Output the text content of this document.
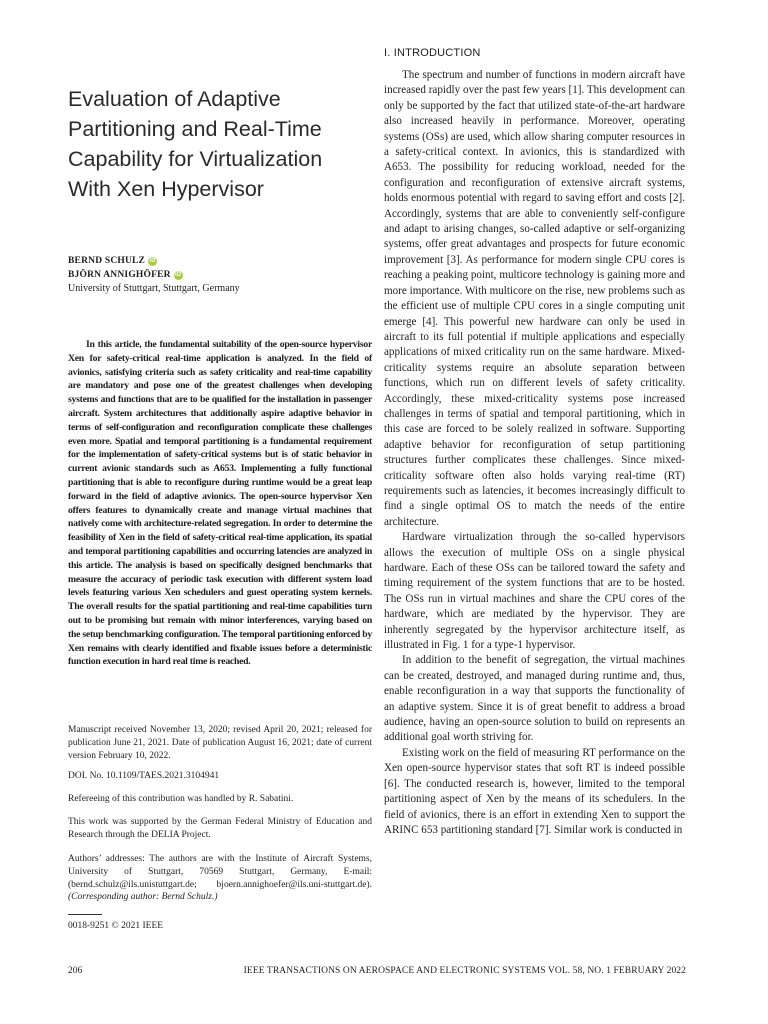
Evaluation of Adaptive
Partitioning and Real-Time
Capability for Virtualization
With Xen Hypervisor
BERND SCHULZ iD
BJÖRN ANNIGHÖFER iD
University of Stuttgart, Stuttgart, Germany

In this article, the fundamental suitability of the open-source hypervisor Xen for safety-critical real-time application is analyzed. In the field of avionics, satisfying criteria such as safety criticality and real-time capability are mandatory and pose one of the greatest challenges when developing systems and functions that are to be qualified for the installation in passenger aircraft. System architectures that additionally aspire adaptive behavior in terms of self-configuration and reconfiguration complicate these challenges even more. Spatial and temporal partitioning is a fundamental requirement for the implementation of safety-critical systems but is of static behavior in current avionic standards such as A653. Implementing a fully functional partitioning that is able to reconfigure during runtime would be a great leap forward in the field of adaptive avionics. The open-source hypervisor Xen offers features to dynamically create and manage virtual machines that natively come with architecture-related segregation. In order to determine the feasibility of Xen in the field of safety-critical real-time application, its spatial and temporal partitioning capabilities and occurring latencies are analyzed in this article. The analysis is based on specifically designed benchmarks that measure the accuracy of periodic task execution with different system load levels featuring various Xen schedulers and guest operating system kernels. The overall results for the spatial partitioning and real-time capabilities turn out to be promising but remain with minor interferences, varying based on the setup benchmarking configuration. The temporal partitioning enforced by Xen remains with clearly identified and fixable issues before a deterministic function execution in hard real time is reached.

Manuscript received November 13, 2020; revised April 20, 2021; released for publication June 21, 2021. Date of publication August 16, 2021; date of current version February 10, 2022.

DOI. No. 10.1109/TAES.2021.3104941

Refereeing of this contribution was handled by R. Sabatini.

This work was supported by the German Federal Ministry of Education and Research through the DELIA Project.

Authors’ addresses: The authors are with the Institute of Aircraft Systems, University of Stuttgart, 70569 Stuttgart, Germany, E-mail: (bernd.schulz@ils.unistuttgart.de; bjoern.annighoefer@ils.uni-stuttgart.de).(Corresponding author: Bernd Schulz.)

0018-9251 © 2021 IEEE
I. INTRODUCTION

The spectrum and number of functions in modern aircraft have increased rapidly over the past few years [1]. This development can only be supported by the fact that utilized state-of-the-art hardware also increased heavily in performance. Moreover, operating systems (OSs) are used, which allow sharing computer resources in a safety-critical context. In avionics, this is standardized with A653. The possibility for reducing workload, needed for the configuration and reconfiguration of extensive aircraft systems, holds enormous potential with regard to saving effort and costs [2]. Accordingly, systems that are able to conveniently self-configure and adapt to arising changes, so-called adaptive or self-organizing systems, offer great advantages and prospects for future economic improvement [3]. As performance for modern single CPU cores is reaching a peaking point, multicore technology is gaining more and more importance. With multicore on the rise, new problems such as the efficient use of multiple CPU cores in a single computing unit emerge [4]. This powerful new hardware can only be used in aircraft to its full potential if multiple applications and especially applications of mixed criticality run on the same hardware. Mixed-criticality systems require an absolute separation between functions, which run on different levels of safety criticality. Accordingly, these mixed-criticality systems pose increased challenges in terms of spatial and temporal partitioning, which in this case are forced to be solely realized in software. Supporting adaptive behavior for reconfiguration of setup partitioning structures further complicates these challenges. Since mixed-criticality software often also holds varying real-time (RT) requirements such as latencies, it becomes increasingly difficult to find a single optimal OS to match the needs of the entire architecture.

Hardware virtualization through the so-called hypervisors allows the execution of multiple OSs on a single physical hardware. Each of these OSs can be tailored toward the safety and timing requirement of the system functions that are to be hosted. The OSs run in virtual machines and share the CPU cores of the hardware, which are mediated by the hypervisor. They are inherently segregated by the hypervisor architecture itself, as illustrated in Fig. 1 for a type-1 hypervisor.

In addition to the benefit of segregation, the virtual machines can be created, destroyed, and managed during runtime and, thus, enable reconfiguration in a way that supports the functionality of an adaptive system. Since it is of great benefit to address a broad audience, having an open-source solution to build on represents an additional goal worth striving for.

Existing work on the field of measuring RT performance on the Xen open-source hypervisor states that soft RT is indeed possible [6]. The conducted research is, however, limited to the temporal partitioning aspect of Xen by the means of its schedulers. In the field of avionics, there is an effort in extending Xen to support the ARINC 653 partitioning standard [7]. Similar work is conducted in

206	IEEE TRANSACTIONS ON AEROSPACE AND ELECTRONIC SYSTEMS VOL. 58, NO. 1 FEBRUARY 2022
